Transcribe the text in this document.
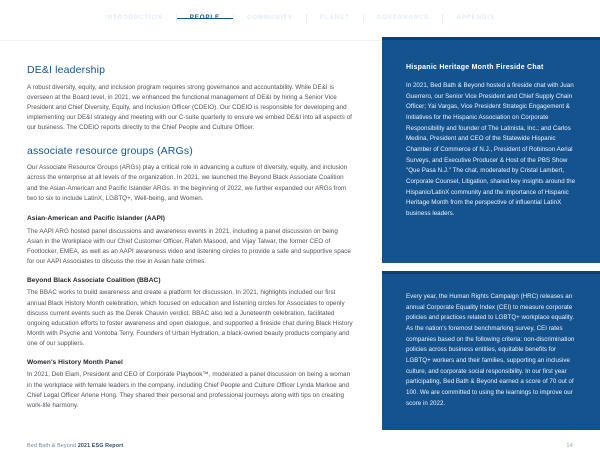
INTRODUCTION	COMMUNITY	PLANET	GOVERNANCE	APPENDIX
DE&I leadership

A robust diversity, equity, and inclusion program requires strong governance and accountability. While DE&I is overseen at the Board level, in 2021, we enhanced the functional management of DE&I by hiring a Senior Vice President and Chief Diversity, Equity, and Inclusion Officer (CDEIO). Our CDEIO is responsible for developing and implementing our DE&I strategy and meeting with our C-suite quarterly to ensure we embed DE&I into all aspects of our business. The CDEIO reports directly to the Chief People and Culture Officer.

associate resource groups (ARGs)

Our Associate Resource Groups (ARGs) play a critical role in advancing a culture of diversity, equity, and inclusion across the enterprise at all levels of the organization. In 2021, we launched the Beyond Black Associate Coalition and the Asian-American and Pacific Islander ARGs. In the beginning of 2022, we further expanded our ARGs from two to six to include LatinX, LGBTQ+, Well-being, and Women.

Asian-American and Pacific Islander (AAPI)

The AAPI ARG hosted panel discussions and awareness events in 2021, including a panel discussion on being Asian in the Workplace with our Chief Customer Officer, Rafeh Masood, and Vijay Talwar, the former CEO of Footlocker, EMEA, as well as an AAPI awareness video and listening circles to provide a safe and supportive space for our AAPI Associates to discuss the rise in Asian hate crimes.

Beyond Black Associate Coalition (BBAC)

The BBAC works to build awareness and create a platform for discussion. In 2021, highlights included our first annual Black History Month celebration, which focused on education and listening circles for Associates to openly discuss current events such as the Derek Chauvin verdict. BBAC also led a Juneteenth celebration, facilitated ongoing education efforts to foster awareness and open dialogue, and supported a fireside chat during Black History Month with Psyche and Vontoba Terry, Founders of Urban Hydration, a black-owned beauty products company and one of our suppliers.

Women's History Month Panel

In 2021, Deb Elam, President and CEO of Corporate Playbook™, moderated a panel discussion on being a woman in the workplace with female leaders in the company, including Chief People and Culture Officer Lynda Markoe and Chief Legal Officer Arlene Hong. They shared their personal and professional journeys along with tips on creating work-life harmony.

Hispanic Heritage Month Fireside Chat

In 2021, Bed Bath & Beyond hosted a fireside chat with Juan Guerrero, our Senior Vice President and Chief Supply Chain Officer; Yai Vargas, Vice President Strategic Engagement & Initiatives for the Hispanic Association on Corporate Responsibility and founder of The Latinista, Inc.; and Carlos Medina, President and CEO of the Statewide Hispanic Chamber of Commerce of N.J., President of Robinson Aerial Surveys, and Executive Producer & Host of the PBS Show "Que Pasa N.J." The chat, moderated by Cristal Lambert, Corporate Counsel, Litigation, shared key insights around the Hispanic/LatinX community and the importance of Hispanic Heritage Month from the perspective of influential LatinX business leaders.

Every year, the Human Rights Campaign (HRC) releases an annual Corporate Equality Index (CEI) to measure corporate policies and practices related to LGBTQ+ workplace equality. As the nation's foremost benchmarking survey, CEI rates companies based on the following criteria: non-discrimination policies across business entities, equitable benefits for LGBTQ+ workers and their families, supporting an inclusive culture, and corporate social responsibility. In our first year participating, Bed Bath & Beyond earned a score of 70 out of 100. We are committed to using the learnings to improve our score in 2022.

Bed Bath & Beyond 2021 ESG Report	14
